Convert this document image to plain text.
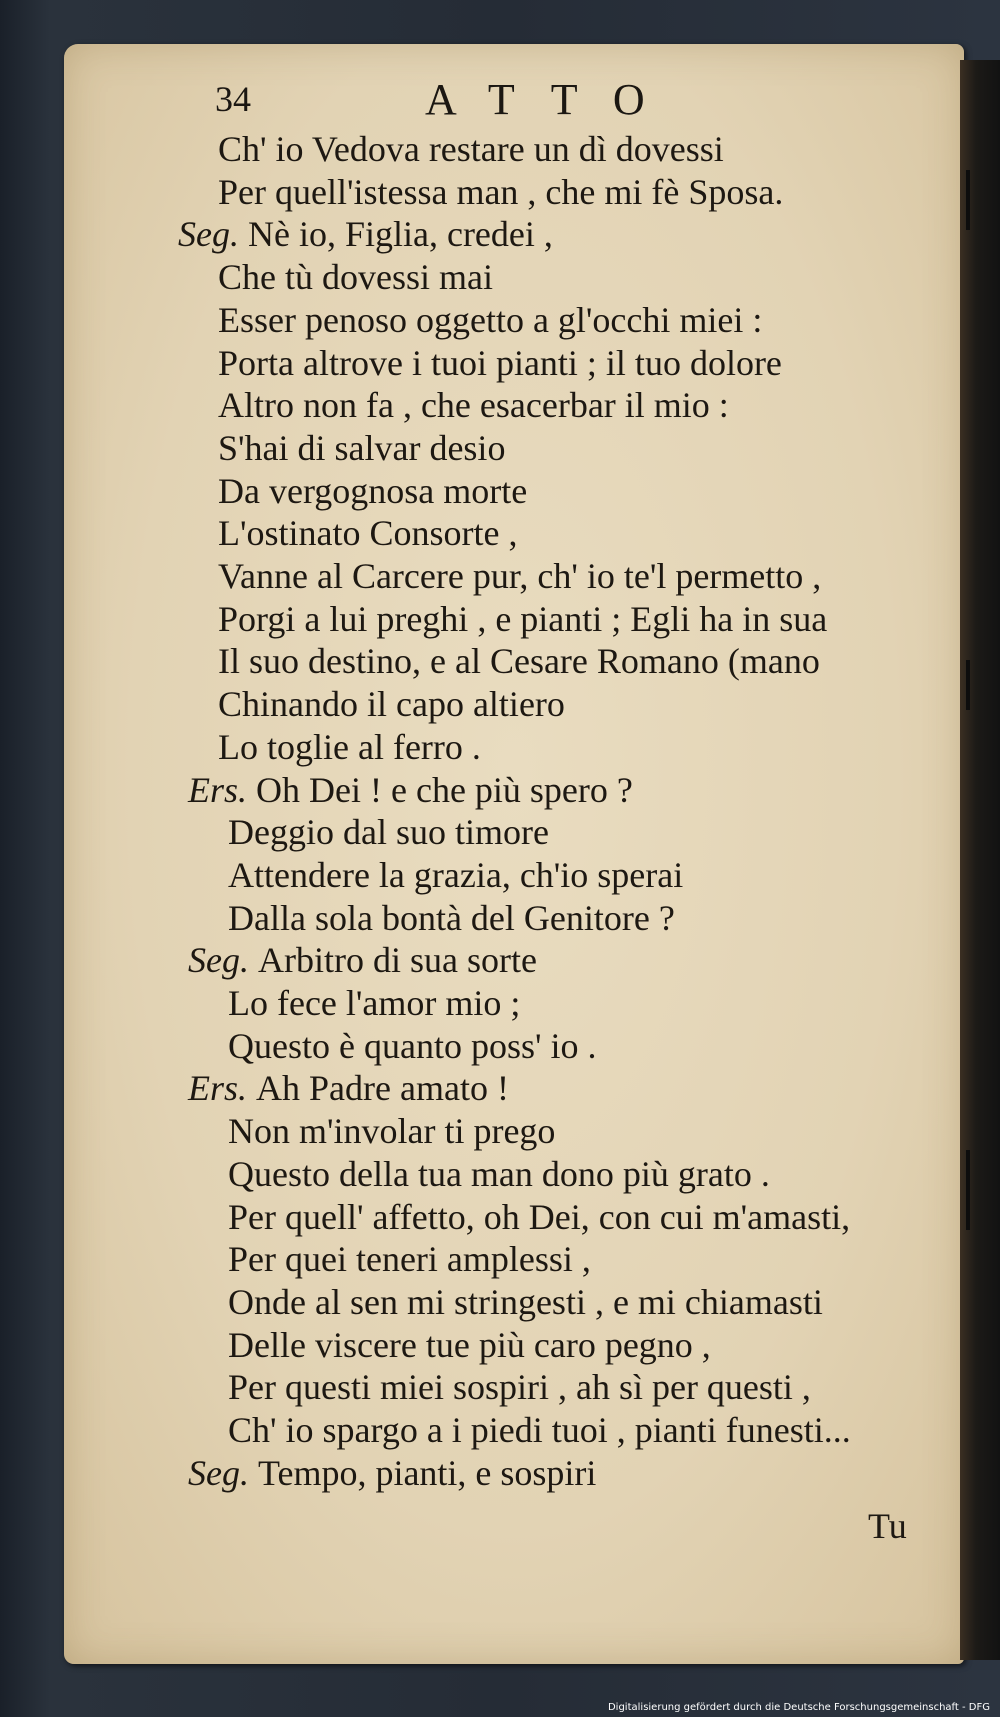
34	ATTO
Ch' io Vedova restare un dì dovessi
Per quell'istessa man , che mi fè Sposa.
Seg. Nè io, Figlia, credei ,
Che tù dovessi mai
Esser penoso oggetto a gl'occhi miei :
Porta altrove i tuoi pianti ; il tuo dolore
Altro non fa , che esacerbar il mio :
S'hai di salvar desio
Da vergognosa morte
L'ostinato Consorte ,
Vanne al Carcere pur, ch' io te'l permetto ,
Porgi a lui preghi , e pianti ; Egli ha in sua
Il suo destino, e al Cesare Romano (mano
Chinando il capo altiero
Lo toglie al ferro .
Ers. Oh Dei ! e che più spero ?
Deggio dal suo timore
Attendere la grazia, ch'io sperai
Dalla sola bontà del Genitore ?
Seg. Arbitro di sua sorte
Lo fece l'amor mio ;
Questo è quanto poss' io .
Ers. Ah Padre amato !
Non m'involar ti prego
Questo della tua man dono più grato .
Per quell' affetto, oh Dei, con cui m'amasti,
Per quei teneri amplessi ,
Onde al sen mi stringesti , e mi chiamasti
Delle viscere tue più caro pegno ,
Per questi miei sospiri , ah sì per questi ,
Ch' io spargo a i piedi tuoi , pianti funesti...
Seg. Tempo, pianti, e sospiri
Tu
Digitalisierung gefördert durch die Deutsche Forschungsgemeinschaft - DFG
